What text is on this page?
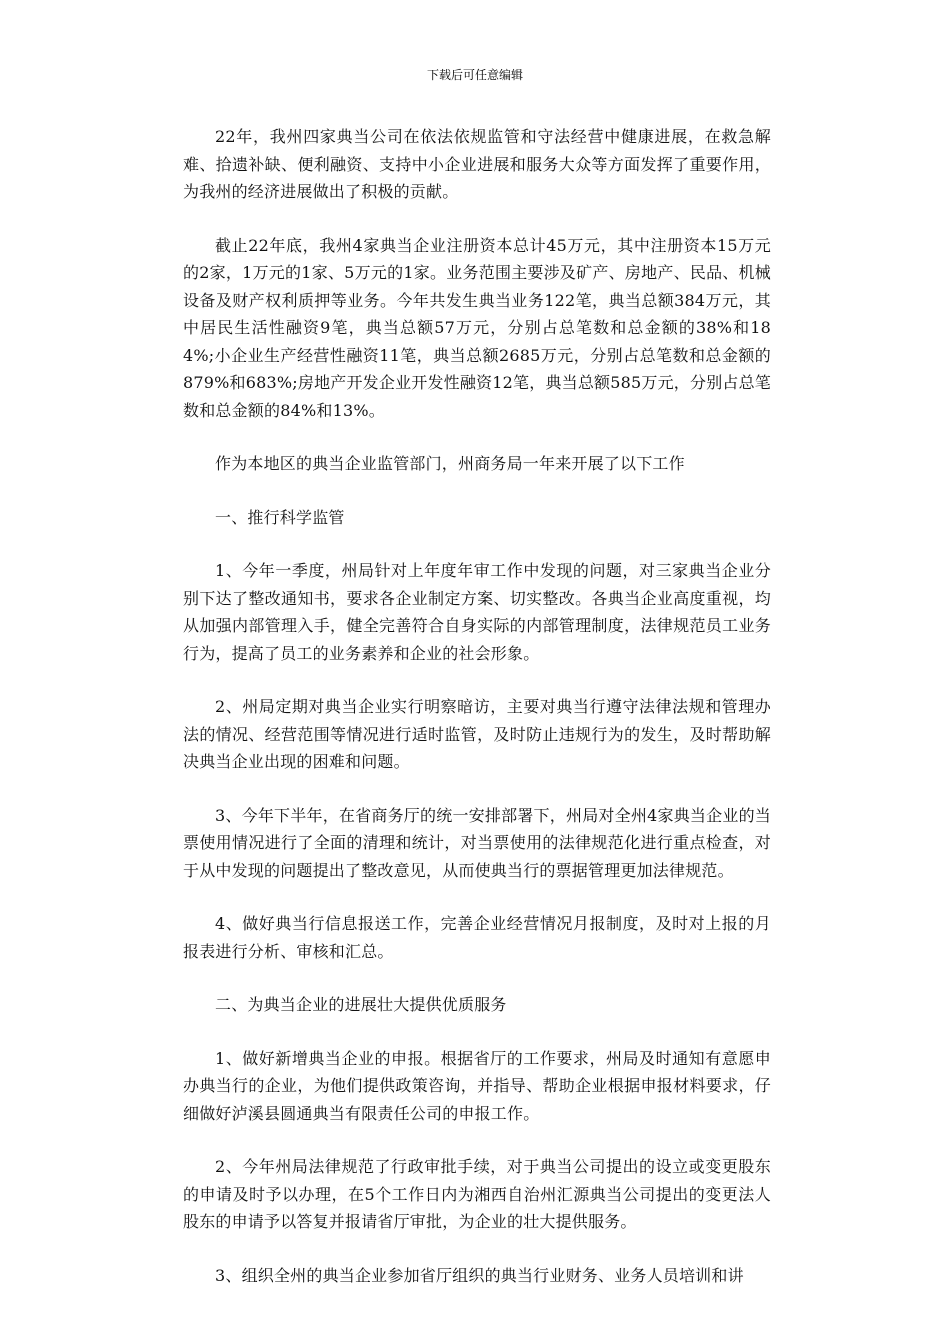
下载后可任意编辑

22年，我州四家典当公司在依法依规监管和守法经营中健康进展，在救急解难、拾遗补缺、便利融资、支持中小企业进展和服务大众等方面发挥了重要作用，为我州的经济进展做出了积极的贡献。

截止22年底，我州4家典当企业注册资本总计45万元，其中注册资本15万元的2家，1万元的1家、5万元的1家。业务范围主要涉及矿产、房地产、民品、机械设备及财产权利质押等业务。今年共发生典当业务122笔，典当总额384万元，其中居民生活性融资9笔，典当总额57万元，分别占总笔数和总金额的38%和184%;小企业生产经营性融资11笔，典当总额2685万元，分别占总笔数和总金额的879%和683%;房地产开发企业开发性融资12笔，典当总额585万元，分别占总笔数和总金额的84%和13%。

作为本地区的典当企业监管部门，州商务局一年来开展了以下工作

一、推行科学监管

1、今年一季度，州局针对上年度年审工作中发现的问题，对三家典当企业分别下达了整改通知书，要求各企业制定方案、切实整改。各典当企业高度重视，均从加强内部管理入手，健全完善符合自身实际的内部管理制度，法律规范员工业务行为，提高了员工的业务素养和企业的社会形象。

2、州局定期对典当企业实行明察暗访，主要对典当行遵守法律法规和管理办法的情况、经营范围等情况进行适时监管，及时防止违规行为的发生，及时帮助解决典当企业出现的困难和问题。

3、今年下半年，在省商务厅的统一安排部署下，州局对全州4家典当企业的当票使用情况进行了全面的清理和统计，对当票使用的法律规范化进行重点检查，对于从中发现的问题提出了整改意见，从而使典当行的票据管理更加法律规范。

4、做好典当行信息报送工作，完善企业经营情况月报制度，及时对上报的月报表进行分析、审核和汇总。

二、为典当企业的进展壮大提供优质服务

1、做好新增典当企业的申报。根据省厅的工作要求，州局及时通知有意愿申办典当行的企业，为他们提供政策咨询，并指导、帮助企业根据申报材料要求，仔细做好泸溪县圆通典当有限责任公司的申报工作。

2、今年州局法律规范了行政审批手续，对于典当公司提出的设立或变更股东的申请及时予以办理，在5个工作日内为湘西自治州汇源典当公司提出的变更法人股东的申请予以答复并报请省厅审批，为企业的壮大提供服务。

3、组织全州的典当企业参加省厅组织的典当行业财务、业务人员培训和讲
